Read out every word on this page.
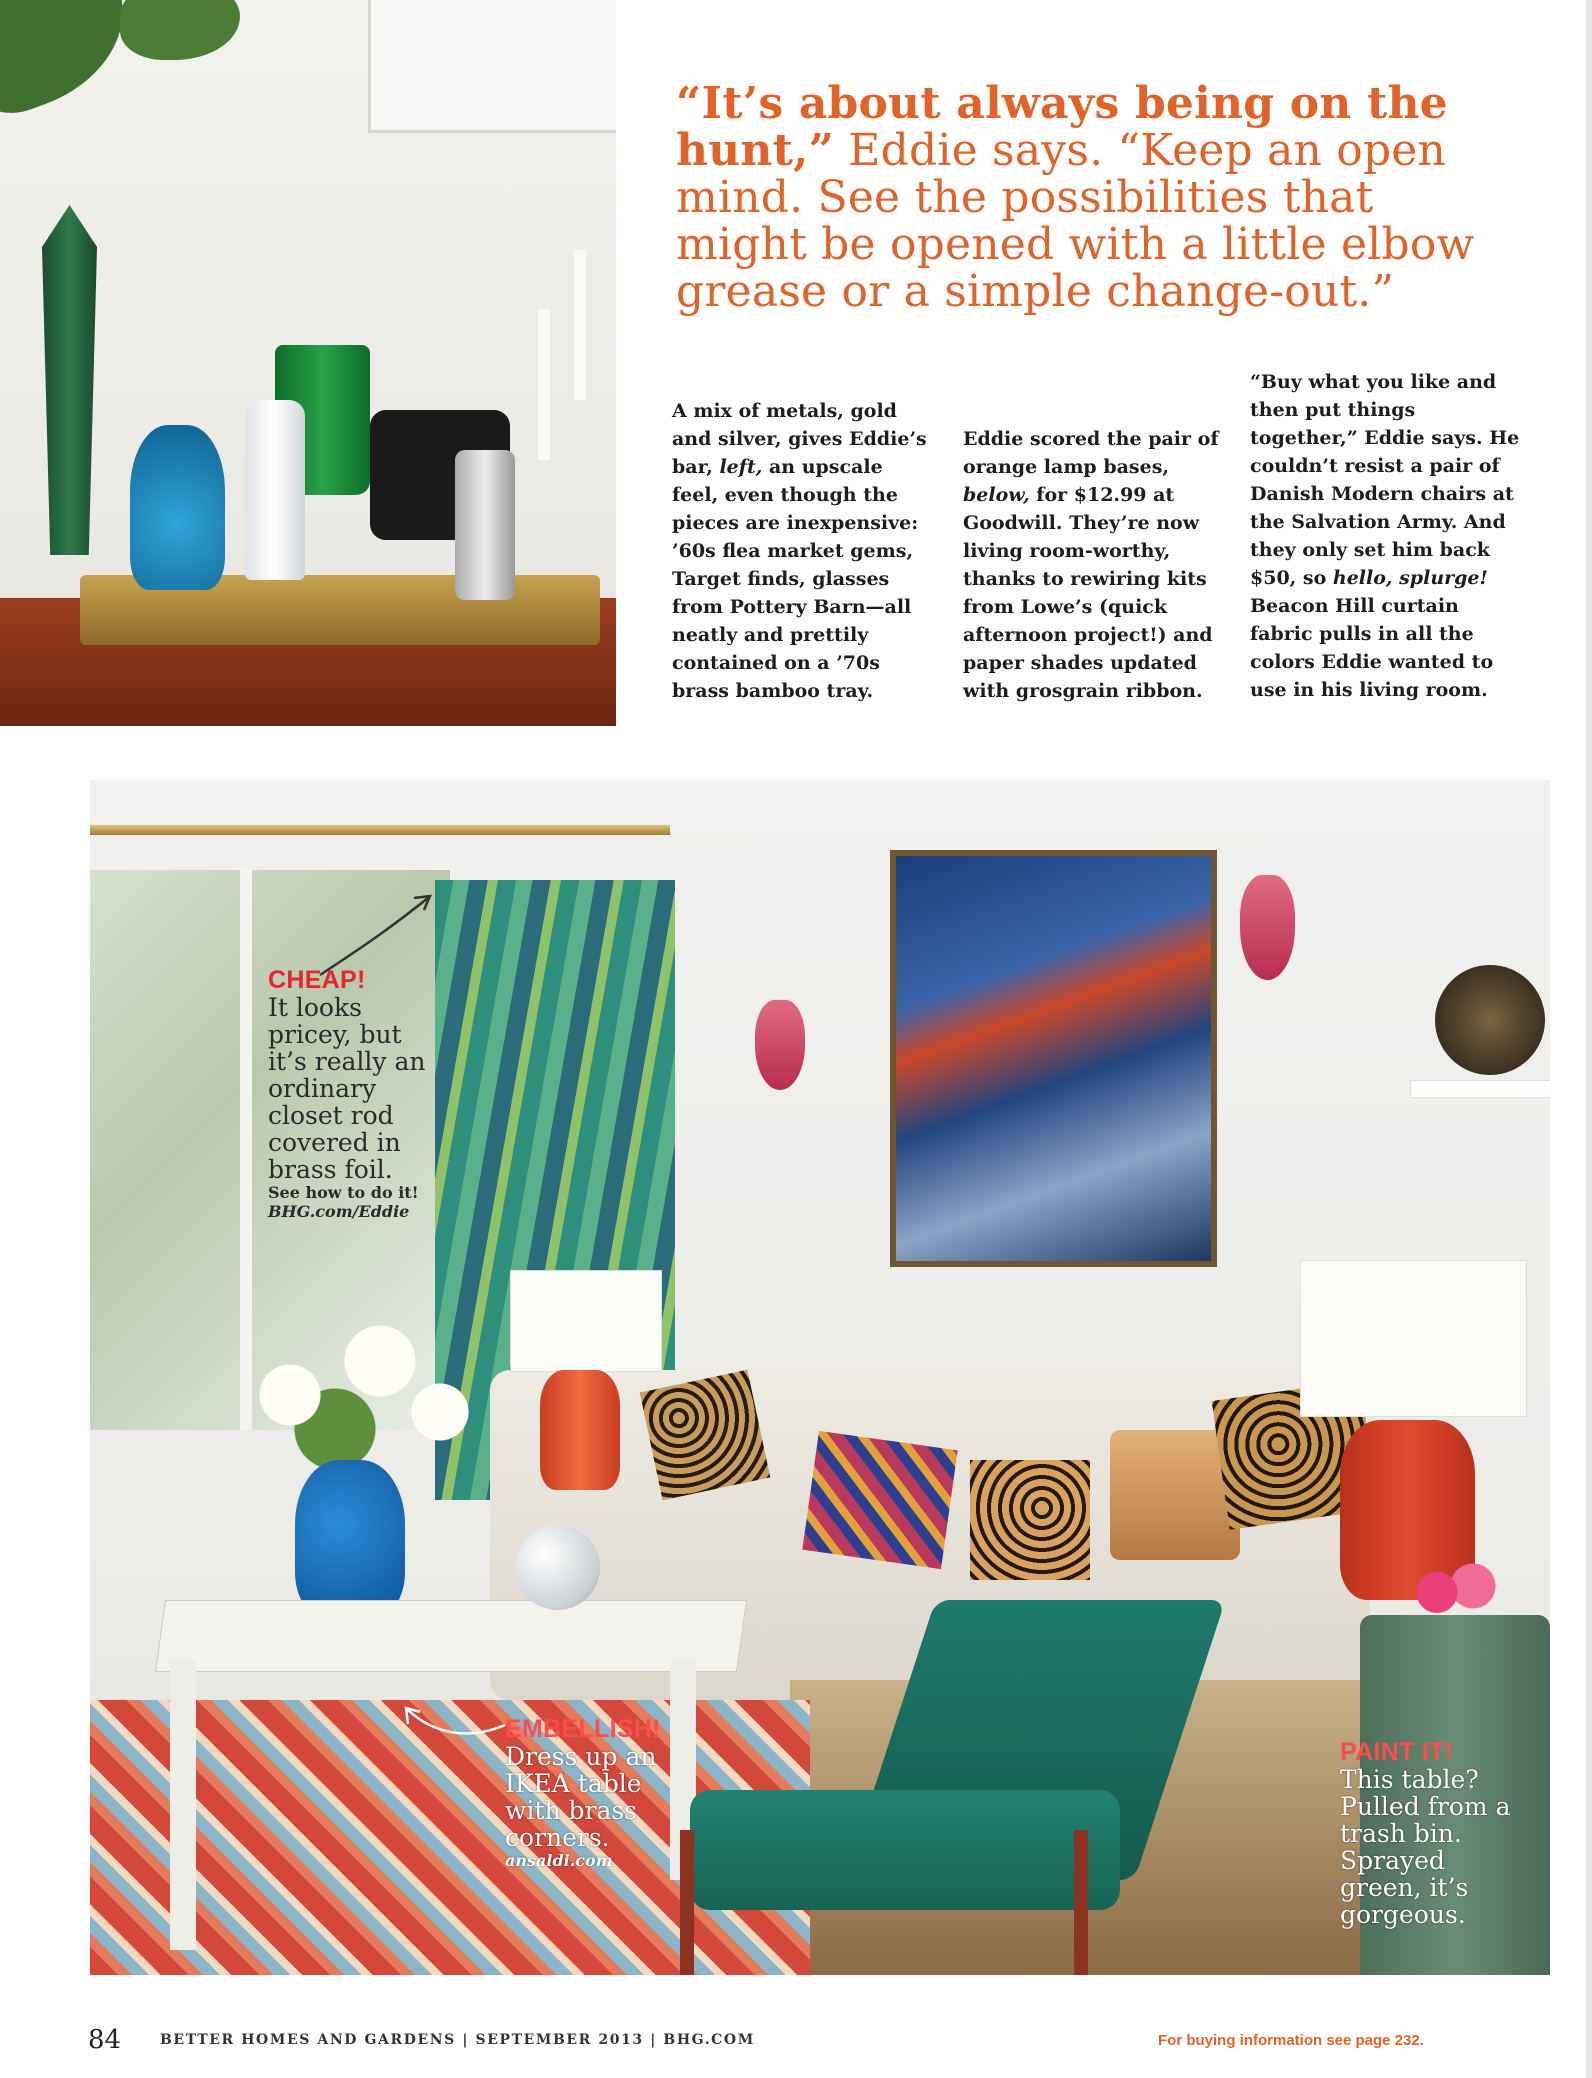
“It’s about always being on the hunt,” Eddie says. “Keep an open mind. See the possibilities that might be opened with a little elbow grease or a simple change-out.”
A mix of metals, gold and silver, gives Eddie’s bar, left, an upscale feel, even though the pieces are inexpensive: ’60s flea market gems, Target finds, glasses from Pottery Barn—all neatly and prettily contained on a ’70s brass bamboo tray.
Eddie scored the pair of orange lamp bases, below, for $12.99 at Goodwill. They’re now living room-worthy, thanks to rewiring kits from Lowe’s (quick afternoon project!) and paper shades updated with grosgrain ribbon.
“Buy what you like and then put things together,” Eddie says. He couldn’t resist a pair of Danish Modern chairs at the Salvation Army. And they only set him back $50, so hello, splurge! Beacon Hill curtain fabric pulls in all the colors Eddie wanted to use in his living room.
CHEAP!
It looks pricey, but it’s really an ordinary closet rod covered in brass foil.
See how to do it!
BHG.com/Eddie
EMBELLISH!
Dress up an IKEA table with brass corners.
ansaldi.com
PAINT IT!
This table? Pulled from a trash bin. Sprayed green, it’s gorgeous.
84	BETTER HOMES AND GARDENS | SEPTEMBER 2013 | BHG.COM	For buying information see page 232.
